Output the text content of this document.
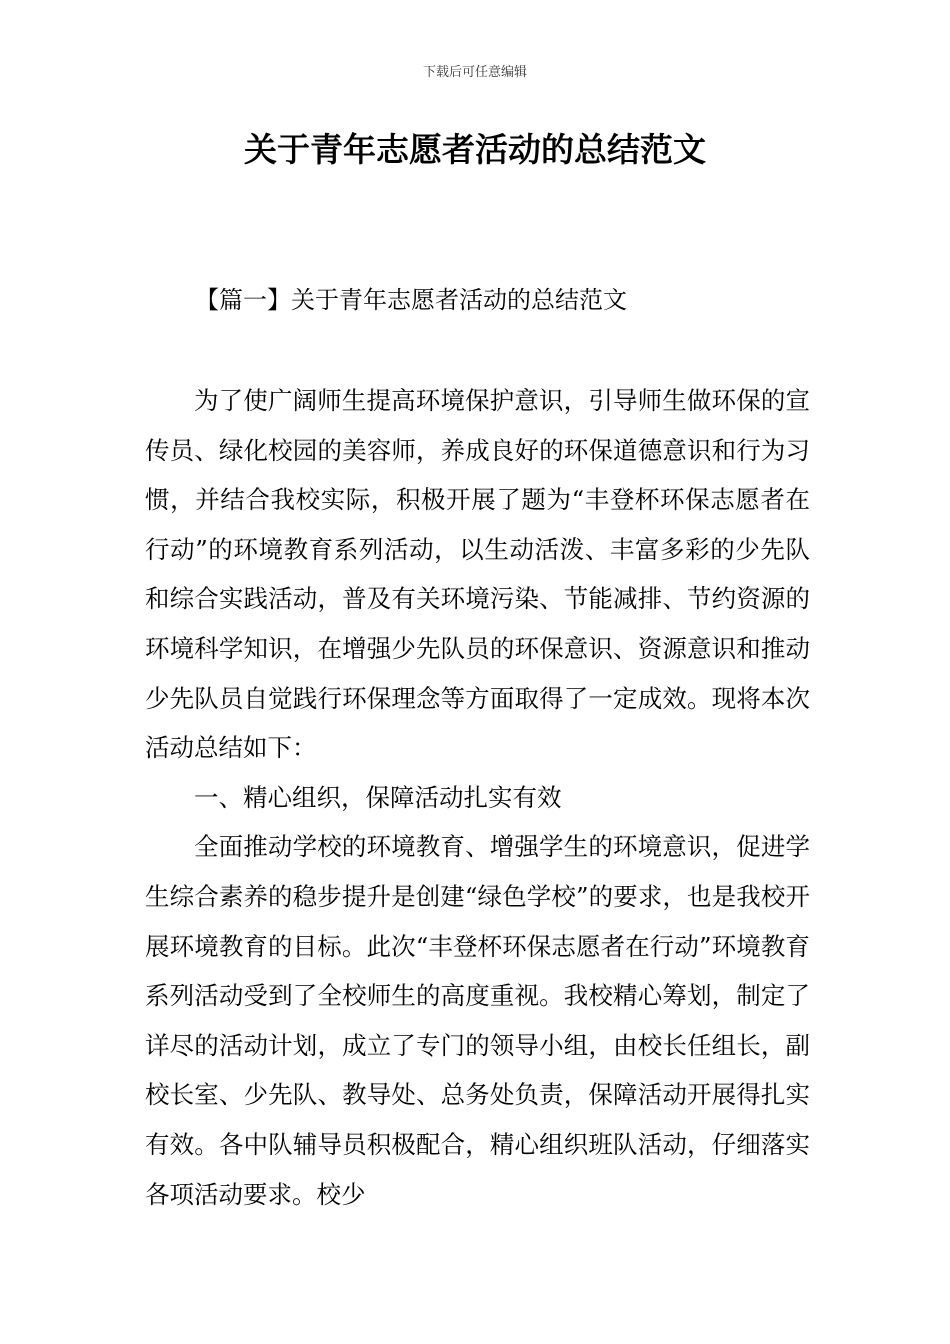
下载后可任意编辑
关于青年志愿者活动的总结范文
【篇一】关于青年志愿者活动的总结范文

为了使广阔师生提高环境保护意识，引导师生做环保的宣传员、绿化校园的美容师，养成良好的环保道德意识和行为习惯，并结合我校实际，积极开展了题为“丰登杯环保志愿者在行动”的环境教育系列活动，以生动活泼、丰富多彩的少先队和综合实践活动，普及有关环境污染、节能减排、节约资源的环境科学知识，在增强少先队员的环保意识、资源意识和推动少先队员自觉践行环保理念等方面取得了一定成效。现将本次活动总结如下：

一、精心组织，保障活动扎实有效

全面推动学校的环境教育、增强学生的环境意识，促进学生综合素养的稳步提升是创建“绿色学校”的要求，也是我校开展环境教育的目标。此次“丰登杯环保志愿者在行动”环境教育系列活动受到了全校师生的高度重视。我校精心筹划，制定了详尽的活动计划，成立了专门的领导小组，由校长任组长，副校长室、少先队、教导处、总务处负责，保障活动开展得扎实有效。各中队辅导员积极配合，精心组织班队活动，仔细落实各项活动要求。校少
